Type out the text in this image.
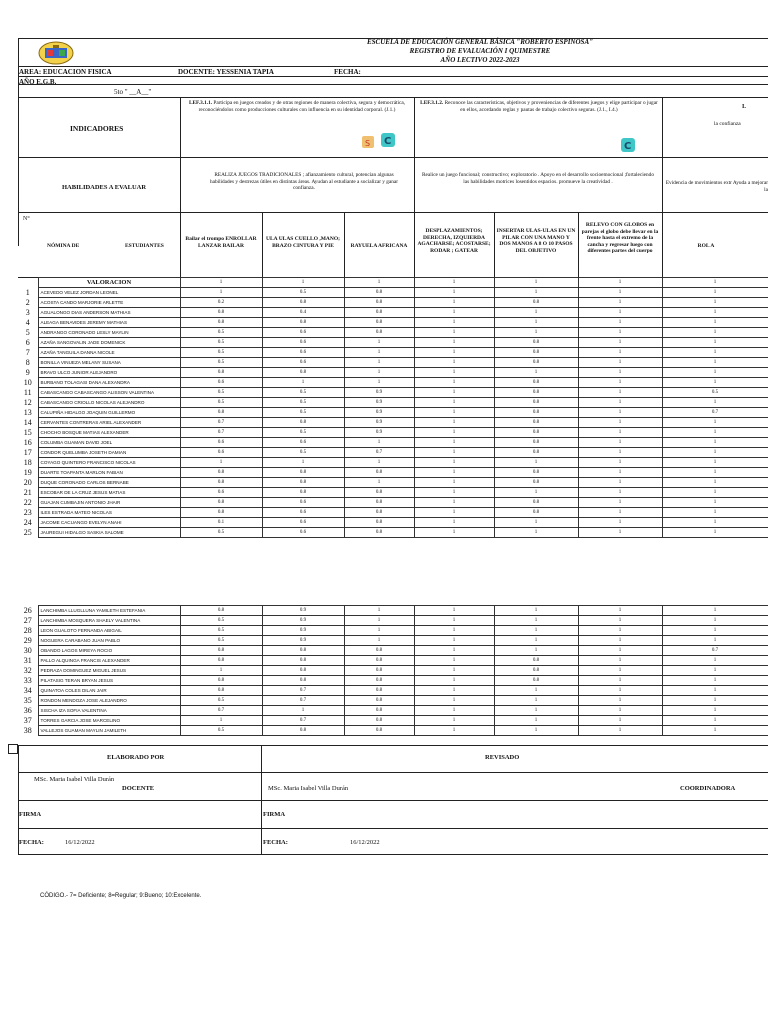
ESCUELA DE EDUCACIÓN GENERAL BÁSICA "ROBERTO ESPINOSA"
REGISTRO DE EVALUACIÓN I QUIMESTRE
AÑO LECTIVO 2022-2023
AREA: EDUCACION FISICA	DOCENTE: YESSENIA TAPIA	FECHA:
AÑO E.G.B.
5to " __A__"
INDICADORES
LEF.3.1.1. Participa en juegos creados y de otras regiones de manera colectiva, segura y democrática, reconociéndolos como producciones culturales con influencia en su identidad corporal. (J.1.)
S C
LEF.3.1.2. Reconoce las características, objetivos y proveniencias de diferentes juegos y elige participar o jugar en ellos, acordando reglas y pautas de trabajo colectivo seguras. (J.1., I.4.)
C
I.
la confianza
HABILIDADES A EVALUAR
REALIZA JUEGOS TRADICIONALES ; afianzamiento cultural, potencian algunas habilidades y destrezas útiles en distintas áreas. Ayudan al estudiante a socializar y ganar confianza.
Realice un juego funcional; constructivo; exploratorio . Apoyo en el desarrollo socioemocional ;fortaleciendo las habilidades motrices losentidos espacios. promueve la creatividad .	Evidencia de movimientos extr Ayuda a mejorar la
N°
NÓMINA DE	ESTUDIANTES
Bailar el trompo ENROLLAR LANZAR BAILAR
ULA ULAS CUELLO ,MANO; BRAZO CINTURA Y PIE	RAYUELA AFRICANA
DESPLAZAMIENTOS; DERECHA, IZQUIERDA AGACHARSE; ACOSTARSE; RODAR ; GATEAR
INSERTAR ULAS-ULAS EN UN PILAR CON UNA MANO Y DOS MANOS A 8 O 10 PASOS DEL OBJETIVO
RELEVO CON GLOBOS en parejas el globo debe llevar en la frente hasta el extremo de la cancha y regresar luego con diferentes partes del cuerpo
ROL A
	VALORACION	1	1	1	1	1	1	1
1	ACEVEDO VELEZ JORDAN LEONEL	1	0.5	0.8	1	1	1	1
2	ACOSTA CANDO MARJORIE ARLETTE	0.2	0.8	0.8	1	0.8	1	1
3	AGUALONGO DIAS ANDERSON MATHIAS	0.8	0.4	0.8	1	1	1	1
4	ALEAGA BENAVIDES JEREMY MATHIAS	0.8	0.8	0.8	1	1	1	1
5	ANDRANGO CORONADO LESLY MAYLIN	0.5	0.6	0.8	1	1	1	1
6	AZAÑA SANGOVALIN JADE DOMENICK	0.5	0.6	1	1	0.8	1	1
7	AZAÑA TANGUILA DANNA NICOLE	0.5	0.6	1	1	0.8	1	1
8	BONILLA VINUEZA MELANY SUSANA	0.5	0.6	1	1	0.8	1	1
9	BRAVO ULCO JUNIOR ALEJANDRO	0.8	0.8	1	1	1	1	1
10	BURBANO TOLAGASI DANA ALEXANDRA	0.6	1	1	1	0.8	1	1
11	CABASCANGO CABASCANGO ALISSON VALENTINA	0.5	0.5	0.9	1	0.8	1	0.5
12	CABASCANGO CRIOLLO NICOLAS ALEJANDRO	0.5	0.5	0.9	1	0.8	1	1
13	CALUPIÑA HIDALGO JOAQUIN GUILLERMO	0.8	0.5	0.9	1	0.8	1	0.7
14	CERVANTES CONTRERAS ARIEL ALEXANDER	0.7	0.8	0.9	1	0.8	1	1
15	CHOCHO BOSQUE MATIAS ALEXANDER	0.7	0.5	0.9	1	0.8	1	1
16	COLUMBA GUAMAN DAVID JOEL	0.6	0.6	1	1	0.8	1	1
17	CONDOR QUELUMBA JOSETH DAMIAN	0.6	0.5	0.7	1	0.8	1	1
18	COYAGO QUINTERO FRANCISCO NICOLAS	1	1	1	1	1	1	1
19	DUARTE TOAPANTA MARLON FABIAN	0.8	0.8	0.8	1	0.8	1	1
20	DUQUE CORONADO CARLOS BERNABE	0.8	0.8	1	1	0.8	1	1
21	ESCOBAR DE LA CRUZ JESUS MATIAS	0.6	0.8	0.8	1	1	1	1
22	GUAJAN CUMBAJIN ANTONIO JHAIR	0.8	0.6	0.8	1	0.8	1	1
23	ILES ESTRADA MATEO NICOLAS	0.8	0.6	0.8	1	0.8	1	1
24	JACOME CACUANGO EVELYN ANAHI	0.1	0.6	0.8	1	1	1	1
25	JAUREGUI HIDALGO SASKIA SALOME	0.5	0.6	0.8	1	1	1	1
26	LANCHIMBA LLUGLLUNA YAMILETH ESTEFANIA	0.8	0.9	1	1	1	1	1
27	LANCHIMBA MOSQUERA SHAELY VALENTINA	0.5	0.9	1	1	1	1	1
28	LEON GUALOTO FERNANDA ABIGAIL	0.5	0.9	1	1	1	1	1
29	NOGUERA CARABANO JUAN PABLO	0.5	0.9	1	1	1	1	1
30	OBANDO LAGOS MIREYA ROCIO	0.8	0.8	0.8	1	1	1	0.7
31	PALLO ALQUINGA FRANCIS ALEXANDER	0.8	0.8	0.8	1	0.8	1	1
32	PEDRAZA DOMINGUEZ MIGUEL JESUS	1	0.8	0.8	1	0.8	1	1
33	PILATASIG TERAN BRYAN JESUS	0.8	0.8	0.8	1	0.8	1	1
34	QUINATOA COLES DILAN JAIR	0.8	0.7	0.8	1	1	1	1
35	RONDON MENDOZA JOSE ALEJANDRO	0.5	0.7	0.8	1	1	1	1
36	SISCHA IZA SOFIA VALENTINA	0.7	1	0.8	1	1	1	1
37	TORRES GARCIA JOSE MARCELINO	1	0.7	0.8	1	1	1	1
38	VALLEJOS GUAMAN MAYLIN JAMILETH	0.5	0.8	0.8	1	1	1	1
ELABORADO POR	REVISADO
MSc. Maria Isabel Villa Durán
DOCENTE	MSc. Maria Isabel Villa Durán	COORDINADORA
FIRMA	FIRMA
FECHA:	16/12/2022	FECHA:	16/12/2022
CÓDIGO.- 7= Deficiente; 8=Regular; 9:Bueno; 10:Excelente.
